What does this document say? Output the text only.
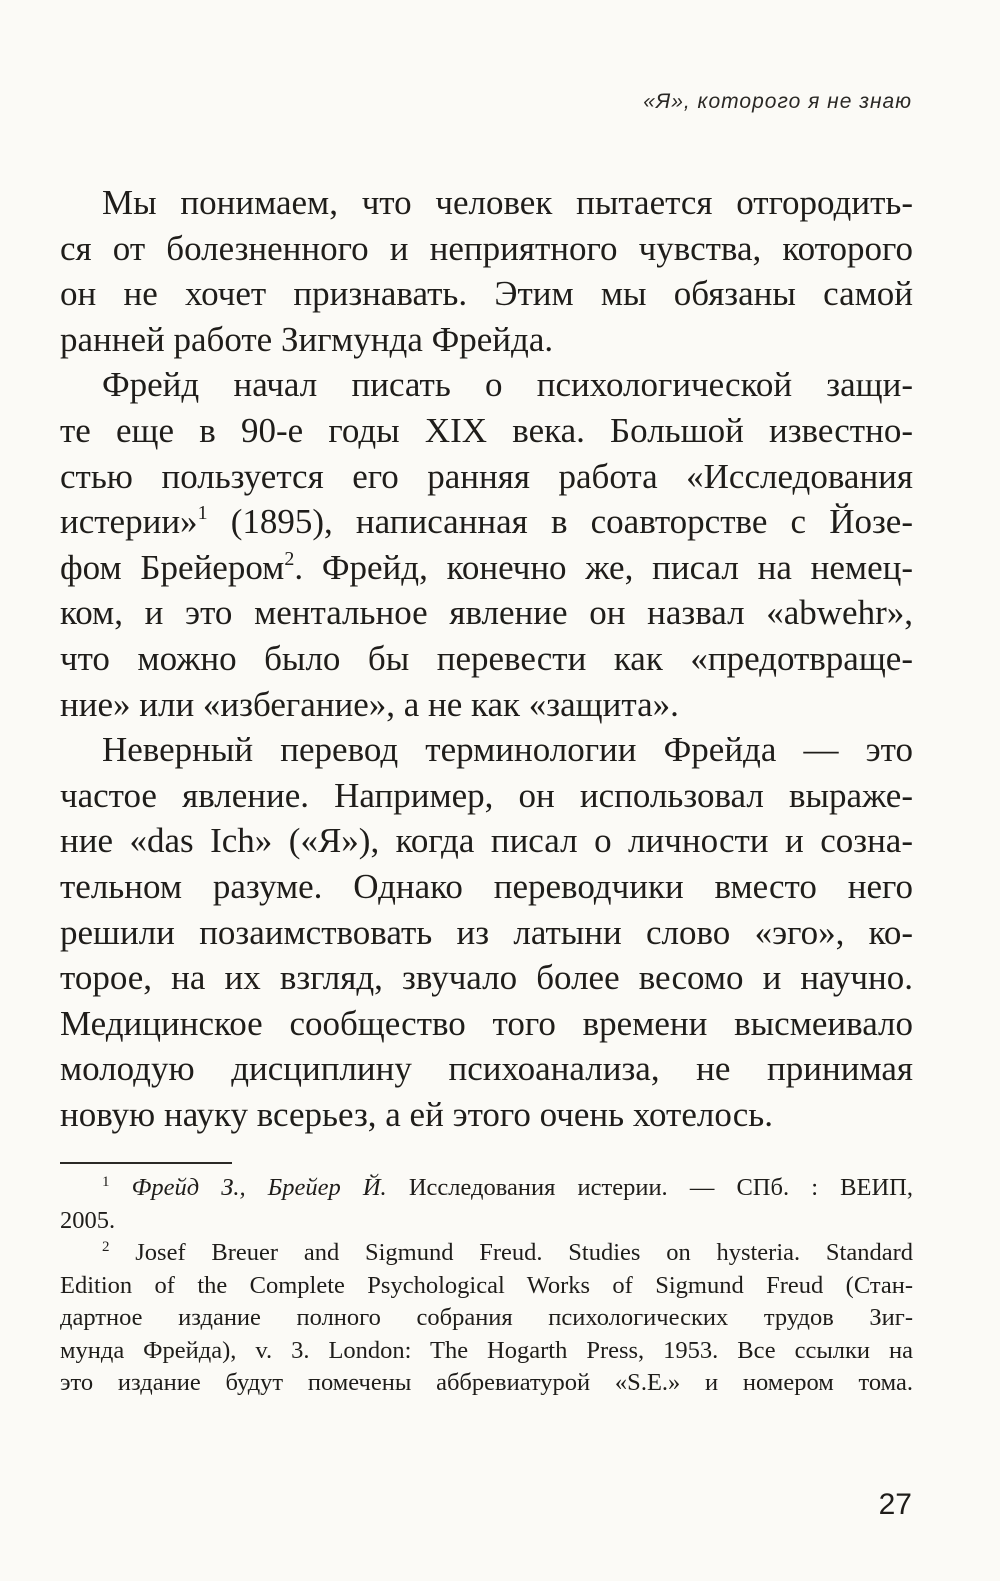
«Я», которого я не знаю
Мы понимаем, что человек пытается отгородить-
ся от болезненного и неприятного чувства, которого
он не хочет признавать. Этим мы обязаны самой
ранней работе Зигмунда Фрейда.
Фрейд начал писать о психологической защи-
те еще в 90-е годы XIX века. Большой известно-
стью пользуется его ранняя работа «Исследования
истерии»$^1$ (1895), написанная в соавторстве с Йозе-
фом Брейером$^2$. Фрейд, конечно же, писал на немец-
ком, и это ментальное явление он назвал «abwehr»,
что можно было бы перевести как «предотвраще-
ние» или «избегание», а не как «защита».
Неверный перевод терминологии Фрейда — это
частое явление. Например, он использовал выраже-
ние «das Ich» («Я»), когда писал о личности и созна-
тельном разуме. Однако переводчики вместо него
решили позаимствовать из латыни слово «эго», ко-
торое, на их взгляд, звучало более весомо и научно.
Медицинское сообщество того времени высмеивало
молодую дисциплину психоанализа, не принимая
новую науку всерьез, а ей этого очень хотелось.
$^1$ Фрейд З., Брейер Й. Исследования истерии. — СПб. : ВЕИП,
2005.
$^2$ Josef Breuer and Sigmund Freud. Studies on hysteria. Standard
Edition of the Complete Psychological Works of Sigmund Freud (Стан-
дартное издание полного собрания психологических трудов Зиг-
мунда Фрейда), v. 3. London: The Hogarth Press, 1953. Все ссылки на
это издание будут помечены аббревиатурой «S.E.» и номером тома.
27
